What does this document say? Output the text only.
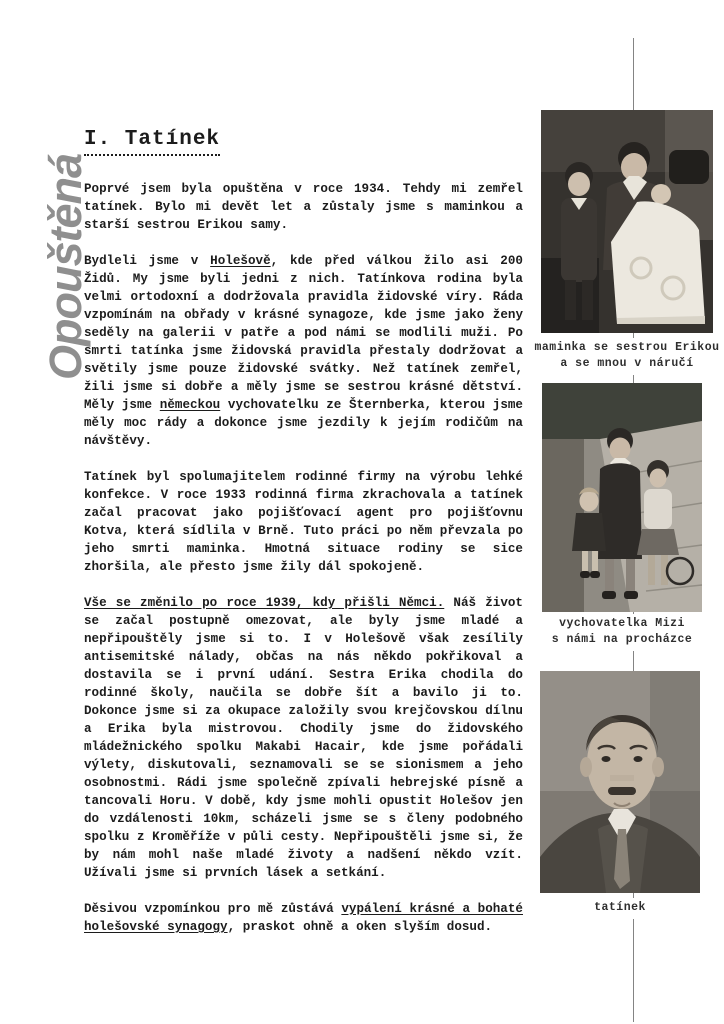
Opouštěná
I. Tatínek

Poprvé jsem byla opuštěna v roce 1934. Tehdy mi zemřel tatínek. Bylo mi devět let a zůstaly jsme s maminkou a starší sestrou Erikou samy.

Bydleli jsme v Holešově, kde před válkou žilo asi 200 Židů. My jsme byli jedni z nich. Tatínkova rodina byla velmi ortodoxní a dodržovala pravidla židovské víry. Ráda vzpomínám na obřady v krásné synagoze, kde jsme jako ženy seděly na galerii v patře a pod námi se modlili muži. Po smrti tatínka jsme židovská pravidla přestaly dodržovat a světily jsme pouze židovské svátky. Než tatínek zemřel, žili jsme si dobře a měly jsme se sestrou krásné dětství. Měly jsme německou vychovatelku ze Šternberka, kterou jsme měly moc rády a dokonce jsme jezdily k jejím rodičům na návštěvy.

Tatínek byl spolumajitelem rodinné firmy na výrobu lehké konfekce. V roce 1933 rodinná firma zkrachovala a tatínek začal pracovat jako pojišťovací agent pro pojišťovnu Kotva, která sídlila v Brně. Tuto práci po něm převzala po jeho smrti maminka. Hmotná situace rodiny se sice zhoršila, ale přesto jsme žily dál spokojeně.

Vše se změnilo po roce 1939, kdy přišli Němci. Náš život se začal postupně omezovat, ale byly jsme mladé a nepřipouštěly jsme si to. I v Holešově však zesílily antisemitské nálady, občas na nás někdo pokřikoval a dostavila se i první udání. Sestra Erika chodila do rodinné školy, naučila se dobře šít a bavilo ji to. Dokonce jsme si za okupace založily svou krejčovskou dílnu a Erika byla mistrovou. Chodily jsme do židovského mládežnického spolku Makabi Hacair, kde jsme pořádali výlety, diskutovali, seznamovali se se sionismem a jeho osobnostmi. Rádi jsme společně zpívali hebrejské písně a tancovali Horu. V době, kdy jsme mohli opustit Holešov jen do vzdálenosti 10km, scházeli jsme se s členy podobného spolku z Kroměříže v půli cesty. Nepřipouštěli jsme si, že by nám mohl naše mladé životy a nadšení někdo vzít. Užívali jsme si prvních lásek a setkání.

Děsivou vzpomínkou pro mě zůstává vypálení krásné a bohaté holešovské synagogy, praskot ohně a oken slyším dosud.

maminka se sestrou Erikou
a se mnou v náručí
vychovatelka Mizi
s námi na procházce
tatínek
